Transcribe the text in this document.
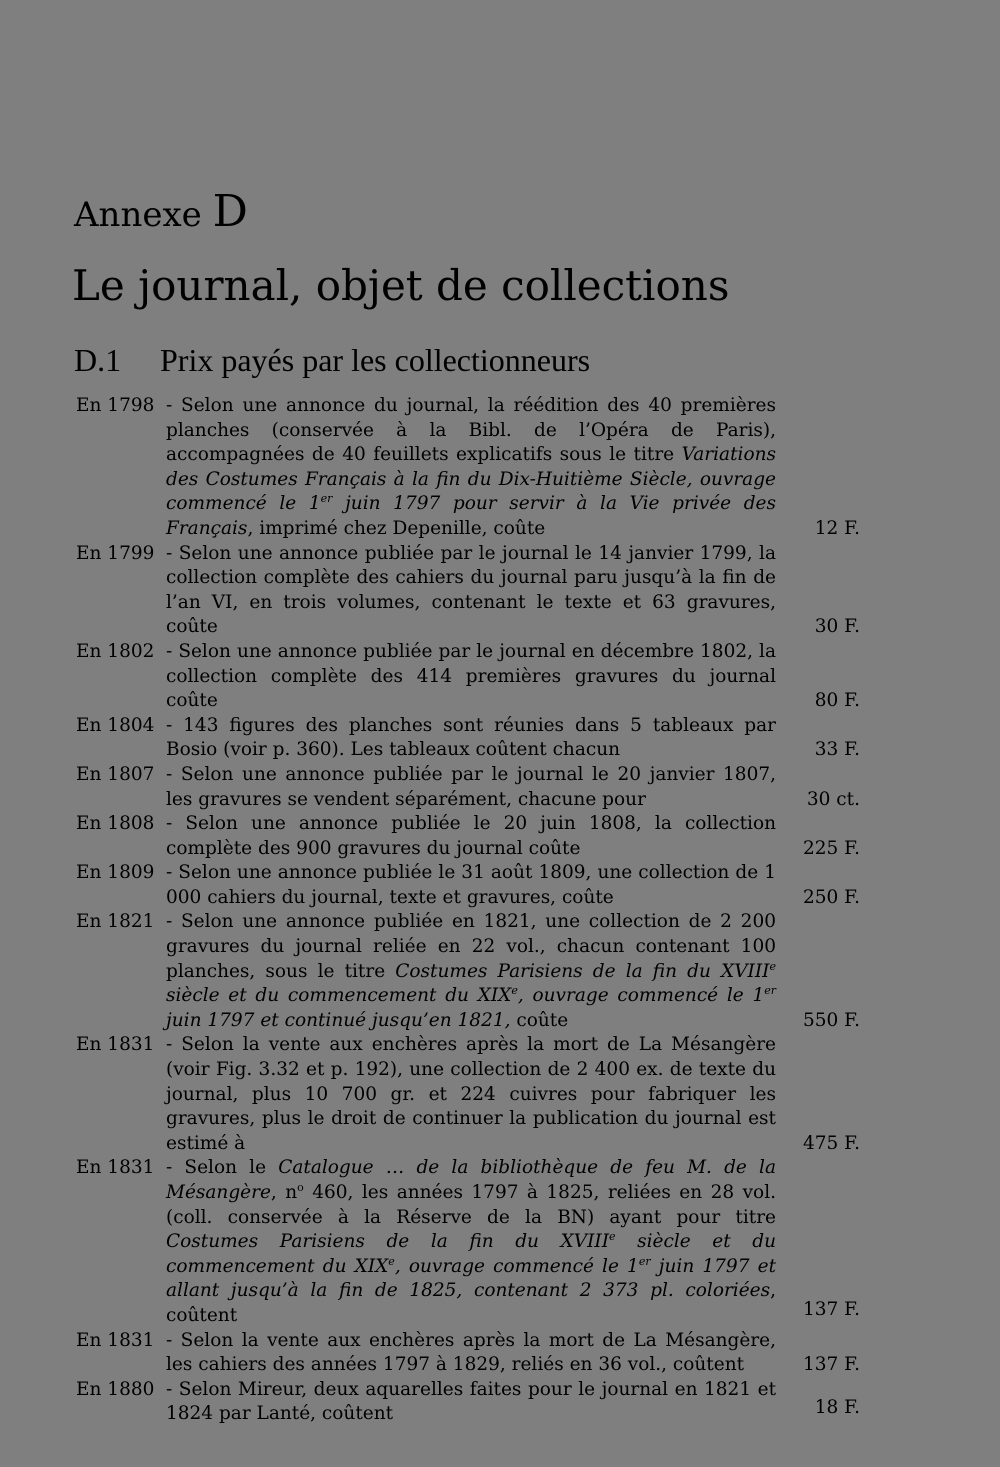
Annexe D
Le journal, objet de collections
D.1 Prix payés par les collectionneurs
En 1798 - Selon une annonce du journal, la réédition des 40 premières planches (conservée à la Bibl. de l’Opéra de Paris), accompagnées de 40 feuillets explicatifs sous le titre Variations des Costumes Français à la fin du Dix-Huitième Siècle, ouvrage commencé le 1er juin 1797 pour servir à la Vie privée des Français, imprimé chez Depenille, coûte	12 F.
En 1799 - Selon une annonce publiée par le journal le 14 janvier 1799, la collection complète des cahiers du journal paru jusqu’à la fin de l’an VI, en trois volumes, contenant le texte et 63 gravures, coûte	30 F.
En 1802 - Selon une annonce publiée par le journal en décembre 1802, la collection complète des 414 premières gravures du journal coûte	80 F.
En 1804 - 143 figures des planches sont réunies dans 5 tableaux par Bosio (voir p. 360). Les tableaux coûtent chacun	33 F.
En 1807 - Selon une annonce publiée par le journal le 20 janvier 1807, les gravures se vendent séparément, chacune pour	30 ct.
En 1808 - Selon une annonce publiée le 20 juin 1808, la collection complète des 900 gravures du journal coûte	225 F.
En 1809 - Selon une annonce publiée le 31 août 1809, une collection de 1 000 cahiers du journal, texte et gravures, coûte	250 F.
En 1821 - Selon une annonce publiée en 1821, une collection de 2 200 gravures du journal reliée en 22 vol., chacun contenant 100 planches, sous le titre Costumes Parisiens de la fin du XVIIIe siècle et du commencement du XIXe, ouvrage commencé le 1er juin 1797 et continué jusqu’en 1821, coûte	550 F.
En 1831 - Selon la vente aux enchères après la mort de La Mésangère (voir Fig. 3.32 et p. 192), une collection de 2 400 ex. de texte du journal, plus 10 700 gr. et 224 cuivres pour fabriquer les gravures, plus le droit de continuer la publication du journal est estimé à	475 F.
En 1831 - Selon le Catalogue … de la bibliothèque de feu M. de la Mésangère, $n^o$ 460, les années 1797 à 1825, reliées en 28 vol. (coll. conservée à la Réserve de la BN) ayant pour titre Costumes Parisiens de la fin du XVIIIe siècle et du commencement du XIXe, ouvrage commencé le 1er juin 1797 et allant jusqu’à la fin de 1825, contenant 2 373 pl. coloriées, coûtent	137 F.
En 1831 - Selon la vente aux enchères après la mort de La Mésangère, les cahiers des années 1797 à 1829, reliés en 36 vol., coûtent	137 F.
En 1880 - Selon Mireur, deux aquarelles faites pour le journal en 1821 et 1824 par Lanté, coûtent	18 F.
